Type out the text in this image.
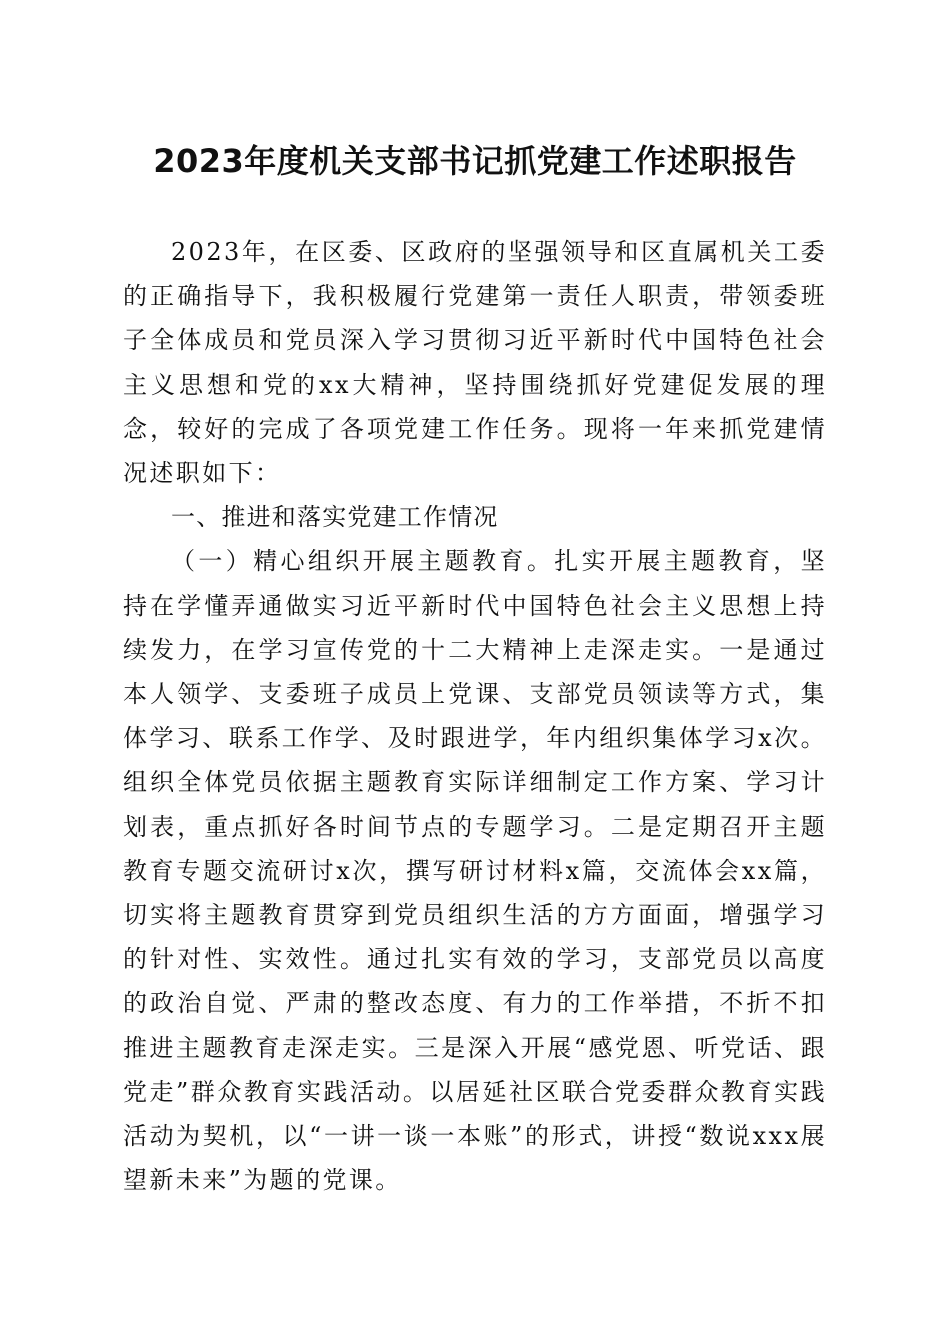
2023年度机关支部书记抓党建工作述职报告

2023年，在区委、区政府的坚强领导和区直属机关工委的正确指导下，我积极履行党建第一责任人职责，带领委班子全体成员和党员深入学习贯彻习近平新时代中国特色社会主义思想和党的xx大精神，坚持围绕抓好党建促发展的理念，较好的完成了各项党建工作任务。现将一年来抓党建情况述职如下：

一、推进和落实党建工作情况

（一）精心组织开展主题教育。扎实开展主题教育，坚持在学懂弄通做实习近平新时代中国特色社会主义思想上持续发力，在学习宣传党的十二大精神上走深走实。一是通过本人领学、支委班子成员上党课、支部党员领读等方式，集体学习、联系工作学、及时跟进学，年内组织集体学习x次。组织全体党员依据主题教育实际详细制定工作方案、学习计划表，重点抓好各时间节点的专题学习。二是定期召开主题教育专题交流研讨x次，撰写研讨材料x篇，交流体会xx篇，切实将主题教育贯穿到党员组织生活的方方面面，增强学习的针对性、实效性。通过扎实有效的学习，支部党员以高度的政治自觉、严肃的整改态度、有力的工作举措，不折不扣推进主题教育走深走实。三是深入开展“感党恩、听党话、跟党走”群众教育实践活动。以居延社区联合党委群众教育实践活动为契机，以“一讲一谈一本账”的形式，讲授“数说xxx展望新未来”为题的党课。
